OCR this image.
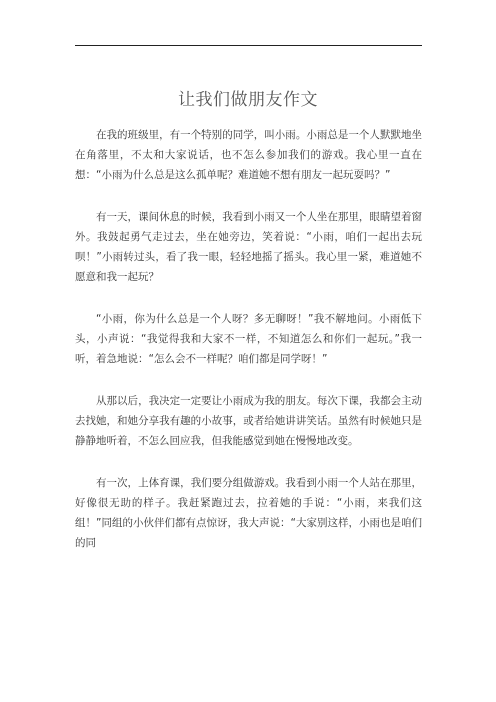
让我们做朋友作文

在我的班级里，有一个特别的同学，叫小雨。小雨总是一个人默默地坐在角落里，不太和大家说话，也不怎么参加我们的游戏。我心里一直在想：“小雨为什么总是这么孤单呢？难道她不想有朋友一起玩耍吗？”

有一天，课间休息的时候，我看到小雨又一个人坐在那里，眼睛望着窗外。我鼓起勇气走过去，坐在她旁边，笑着说：“小雨，咱们一起出去玩呗！”小雨转过头，看了我一眼，轻轻地摇了摇头。我心里一紧，难道她不愿意和我一起玩？

“小雨，你为什么总是一个人呀？多无聊呀！”我不解地问。小雨低下头，小声说：“我觉得我和大家不一样，不知道怎么和你们一起玩。”我一听，着急地说：“怎么会不一样呢？咱们都是同学呀！”

从那以后，我决定一定要让小雨成为我的朋友。每次下课，我都会主动去找她，和她分享我有趣的小故事，或者给她讲讲笑话。虽然有时候她只是静静地听着，不怎么回应我，但我能感觉到她在慢慢地改变。

有一次，上体育课，我们要分组做游戏。我看到小雨一个人站在那里，好像很无助的样子。我赶紧跑过去，拉着她的手说：“小雨，来我们这组！”同组的小伙伴们都有点惊讶，我大声说：“大家别这样，小雨也是咱们的同
